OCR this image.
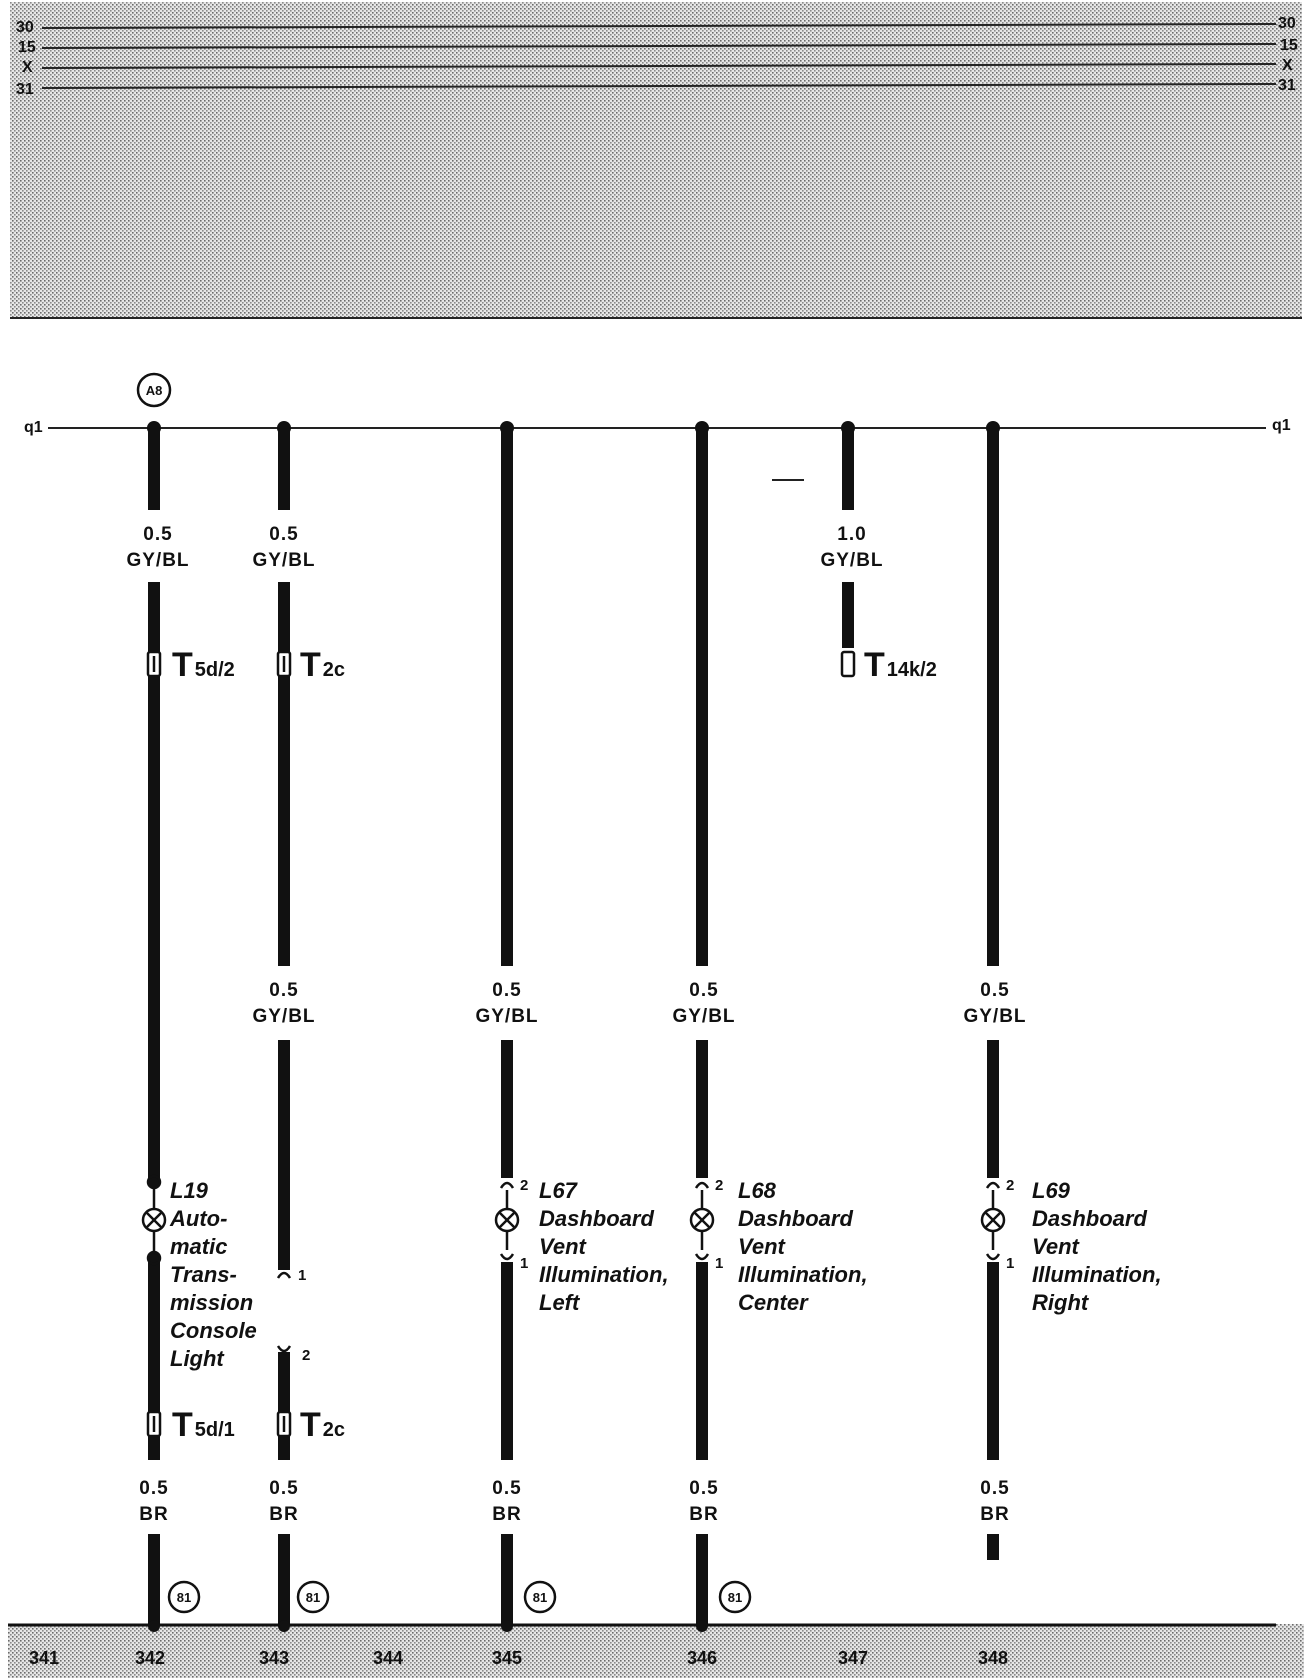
30
15
X
31
30
15
X
31
q1	q1
A8
0.5
GY/BL
0.5
GY/BL
1.0
GY/BL
0.5
GY/BL
0.5
GY/BL
0.5
GY/BL
0.5
GY/BL
0.5
BR
0.5
BR
0.5
BR
0.5
BR
0.5
BR
T 5d/2 T 2c	T 14k/2
T 5d/1 T 2c
1
2
2
1
2
1
2
1
L19 Auto- matic Trans- mission Console Light
L67 Dashboard Vent Illumination, Left
L68 Dashboard Vent Illumination, Center
L69 Dashboard Vent Illumination, Right
81	81	81	81
341	342	343	344	345	346	347	348
